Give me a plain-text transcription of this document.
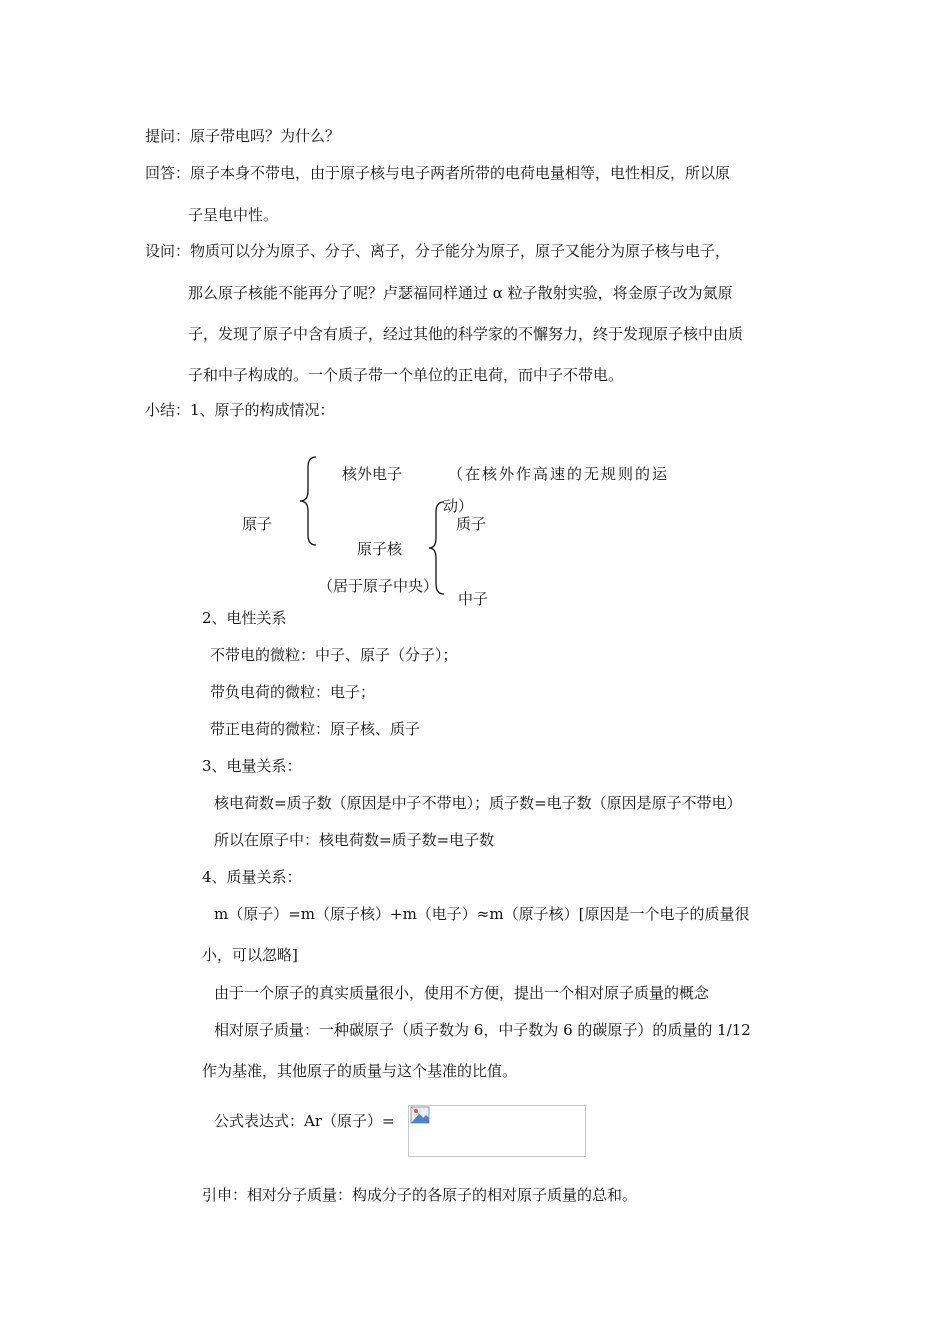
提问：原子带电吗？为什么？
回答：原子本身不带电，由于原子核与电子两者所带的电荷电量相等，电性相反，所以原
子呈电中性。
设问：物质可以分为原子、分子、离子，分子能分为原子，原子又能分为原子核与电子，
那么原子核能不能再分了呢？卢瑟福同样通过 α 粒子散射实验，将金原子改为氮原
子，发现了原子中含有质子，经过其他的科学家的不懈努力，终于发现原子核中由质
子和中子构成的。一个质子带一个单位的正电荷，而中子不带电。
小结：1、原子的构成情况：
原子
核外电子	（在核外作高速的无规则的运
动）
原子核
（居于原子中央）
质子
中子
2、电性关系
不带电的微粒：中子、原子（分子）；
带负电荷的微粒：电子；
带正电荷的微粒：原子核、质子
3、电量关系：
核电荷数=质子数（原因是中子不带电）；质子数=电子数（原因是原子不带电）
所以在原子中：核电荷数=质子数=电子数
4、质量关系：
m（原子）=m（原子核）+m（电子）≈m（原子核）[原因是一个电子的质量很
小，可以忽略]
由于一个原子的真实质量很小，使用不方便，提出一个相对原子质量的概念
相对原子质量：一种碳原子（质子数为 6，中子数为 6 的碳原子）的质量的 1/12
作为基准，其他原子的质量与这个基准的比值。
公式表达式：Ar（原子）=
引申：相对分子质量：构成分子的各原子的相对原子质量的总和。
